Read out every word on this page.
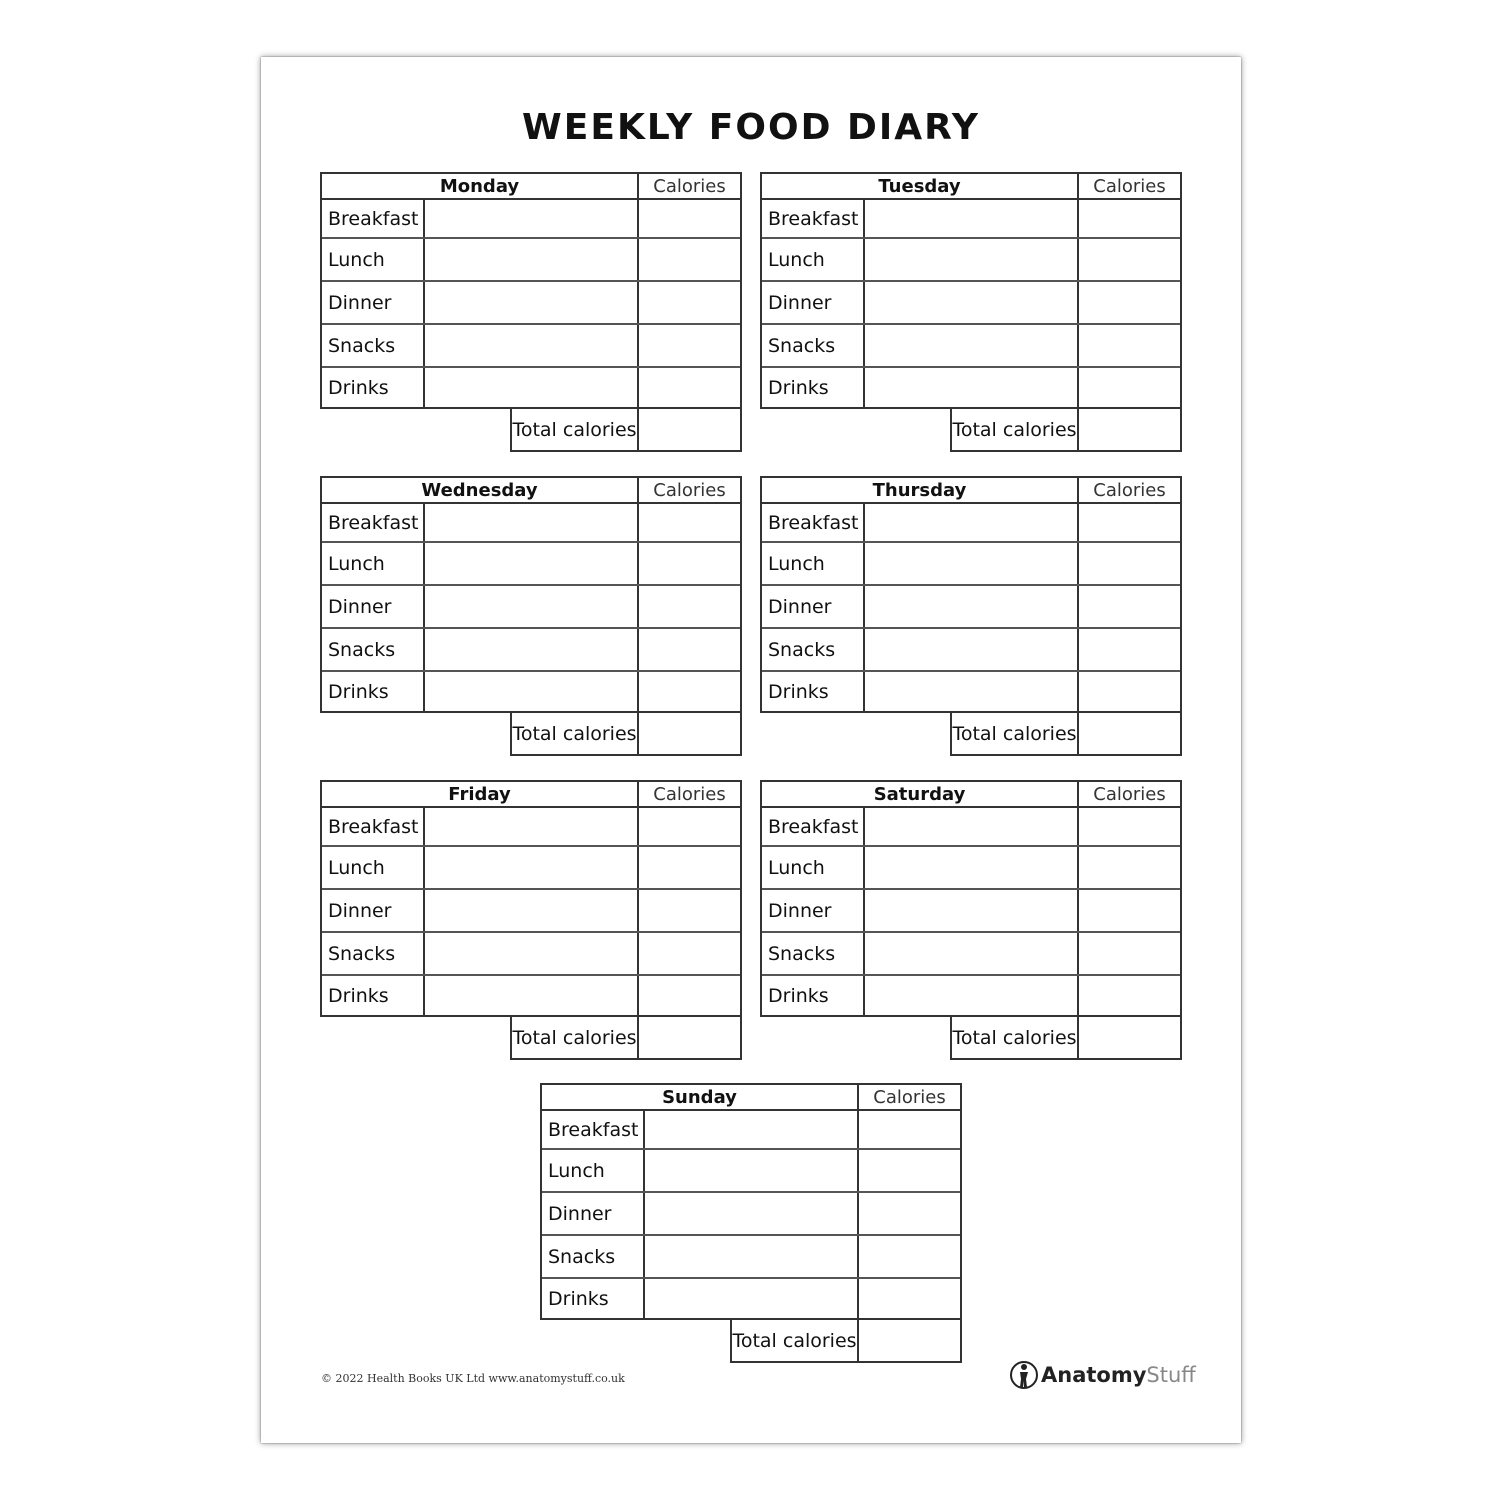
WEEKLY FOOD DIARY
Monday	Calories
Breakfast
Lunch
Dinner
Snacks
Drinks
Total calories
Tuesday	Calories
Breakfast
Lunch
Dinner
Snacks
Drinks
Total calories
Wednesday	Calories
Breakfast
Lunch
Dinner
Snacks
Drinks
Total calories
Thursday	Calories
Breakfast
Lunch
Dinner
Snacks
Drinks
Total calories
Friday	Calories
Breakfast
Lunch
Dinner
Snacks
Drinks
Total calories
Saturday	Calories
Breakfast
Lunch
Dinner
Snacks
Drinks
Total calories
Sunday	Calories
Breakfast
Lunch
Dinner
Snacks
Drinks
Total calories
© 2022 Health Books UK Ltd www.anatomystuff.co.uk	Anatomy Stuff
